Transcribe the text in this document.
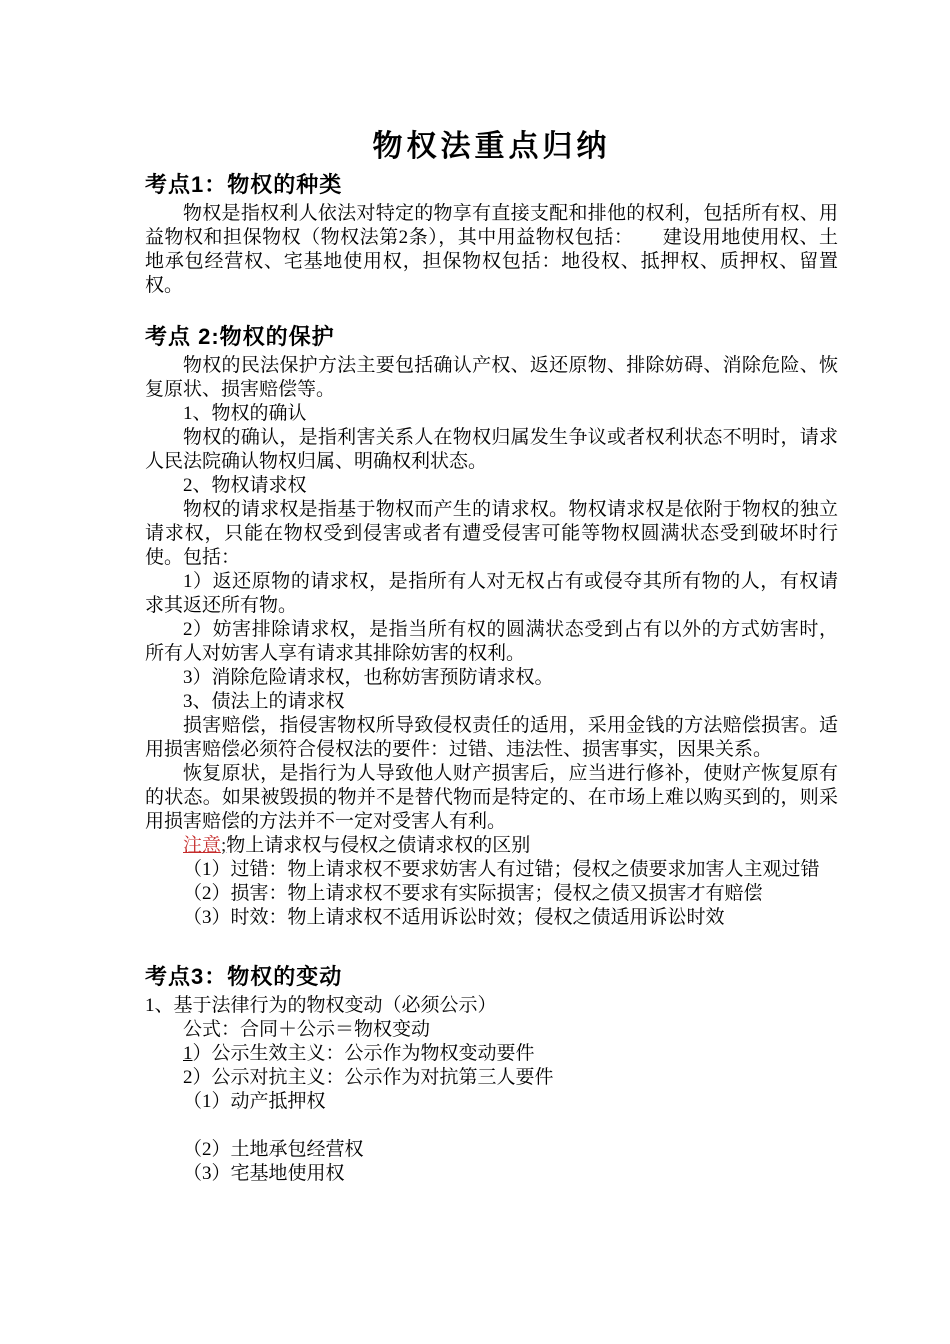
物权法重点归纳
考点1：物权的种类

物权是指权利人依法对特定的物享有直接支配和排他的权利，包括所有权、用益物权和担保物权（物权法第2条），其中用益物权包括：　　建设用地使用权、土地承包经营权、宅基地使用权，担保物权包括：地役权、抵押权、质押权、留置权。

考点 2:物权的保护

物权的民法保护方法主要包括确认产权、返还原物、排除妨碍、消除危险、恢复原状、损害赔偿等。

1、物权的确认

物权的确认，是指利害关系人在物权归属发生争议或者权利状态不明时，请求人民法院确认物权归属、明确权利状态。

2、物权请求权

物权的请求权是指基于物权而产生的请求权。物权请求权是依附于物权的独立请求权，只能在物权受到侵害或者有遭受侵害可能等物权圆满状态受到破坏时行使。包括：

1）返还原物的请求权，是指所有人对无权占有或侵夺其所有物的人，有权请求其返还所有物。

2）妨害排除请求权，是指当所有权的圆满状态受到占有以外的方式妨害时，所有人对妨害人享有请求其排除妨害的权利。

3）消除危险请求权，也称妨害预防请求权。

3、债法上的请求权

损害赔偿，指侵害物权所导致侵权责任的适用，采用金钱的方法赔偿损害。适用损害赔偿必须符合侵权法的要件：过错、违法性、损害事实，因果关系。

恢复原状，是指行为人导致他人财产损害后，应当进行修补，使财产恢复原有的状态。如果被毁损的物并不是替代物而是特定的、在市场上难以购买到的，则采用损害赔偿的方法并不一定对受害人有利。

注意;物上请求权与侵权之债请求权的区别

（1）过错：物上请求权不要求妨害人有过错；侵权之债要求加害人主观过错

（2）损害：物上请求权不要求有实际损害；侵权之债又损害才有赔偿

（3）时效：物上请求权不适用诉讼时效；侵权之债适用诉讼时效

考点3：物权的变动

1、基于法律行为的物权变动（必须公示）

公式：合同＋公示＝物权变动

1）公示生效主义：公示作为物权变动要件

2）公示对抗主义：公示作为对抗第三人要件

（1）动产抵押权

（2）土地承包经营权

（3）宅基地使用权
